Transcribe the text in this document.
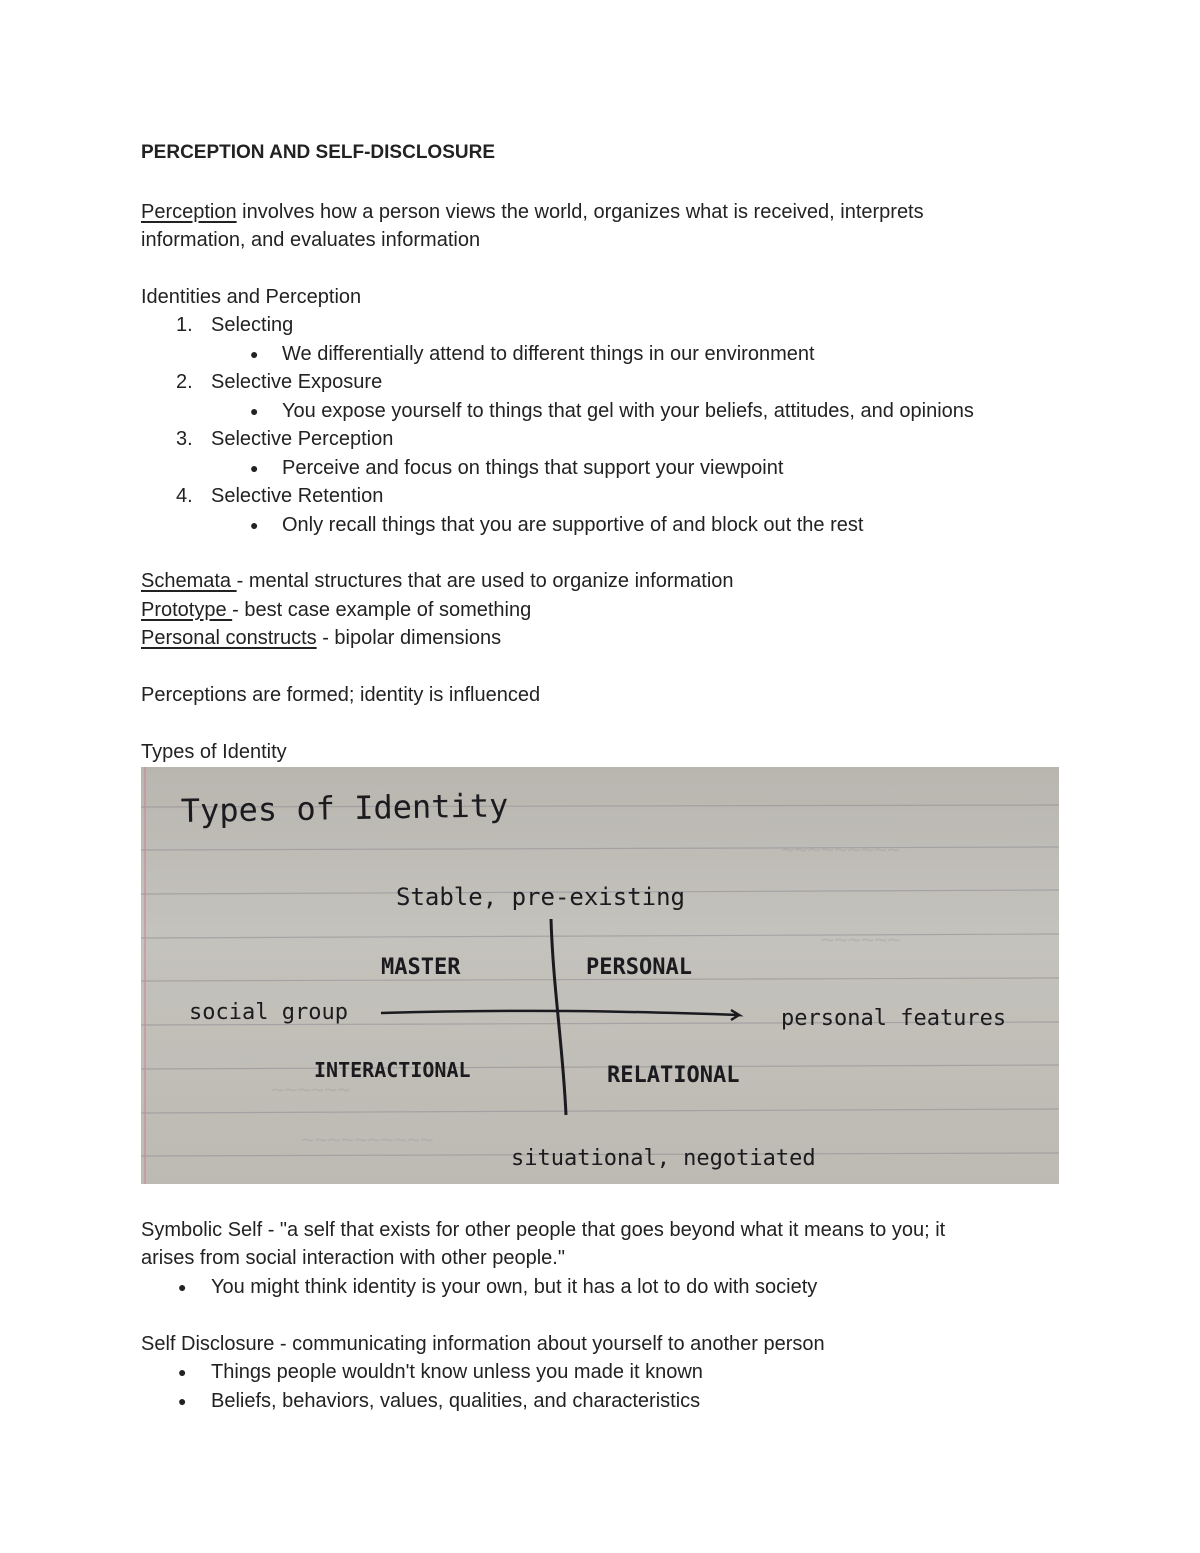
PERCEPTION AND SELF-DISCLOSURE
Perception involves how a person views the world, organizes what is received, interprets
information, and evaluates information
Identities and Perception
1. Selecting
● We differentially attend to different things in our environment
2. Selective Exposure
● You expose yourself to things that gel with your beliefs, attitudes, and opinions
3. Selective Perception
● Perceive and focus on things that support your viewpoint
4. Selective Retention
● Only recall things that you are supportive of and block out the rest
Schemata - mental structures that are used to organize information
Prototype - best case example of something
Personal constructs - bipolar dimensions
Perceptions are formed; identity is influenced
Types of Identity
~~~~~~~~~
~~~~~~
~~~~~~
~~~~~~~~~~
Types of Identity
Stable, pre-existing
MASTER	PERSONAL
INTERACTIONAL	RELATIONAL
social group	personal features
situational, negotiated
Symbolic Self - "a self that exists for other people that goes beyond what it means to you; it
arises from social interaction with other people."
● You might think identity is your own, but it has a lot to do with society
Self Disclosure - communicating information about yourself to another person
● Things people wouldn't know unless you made it known
● Beliefs, behaviors, values, qualities, and characteristics
